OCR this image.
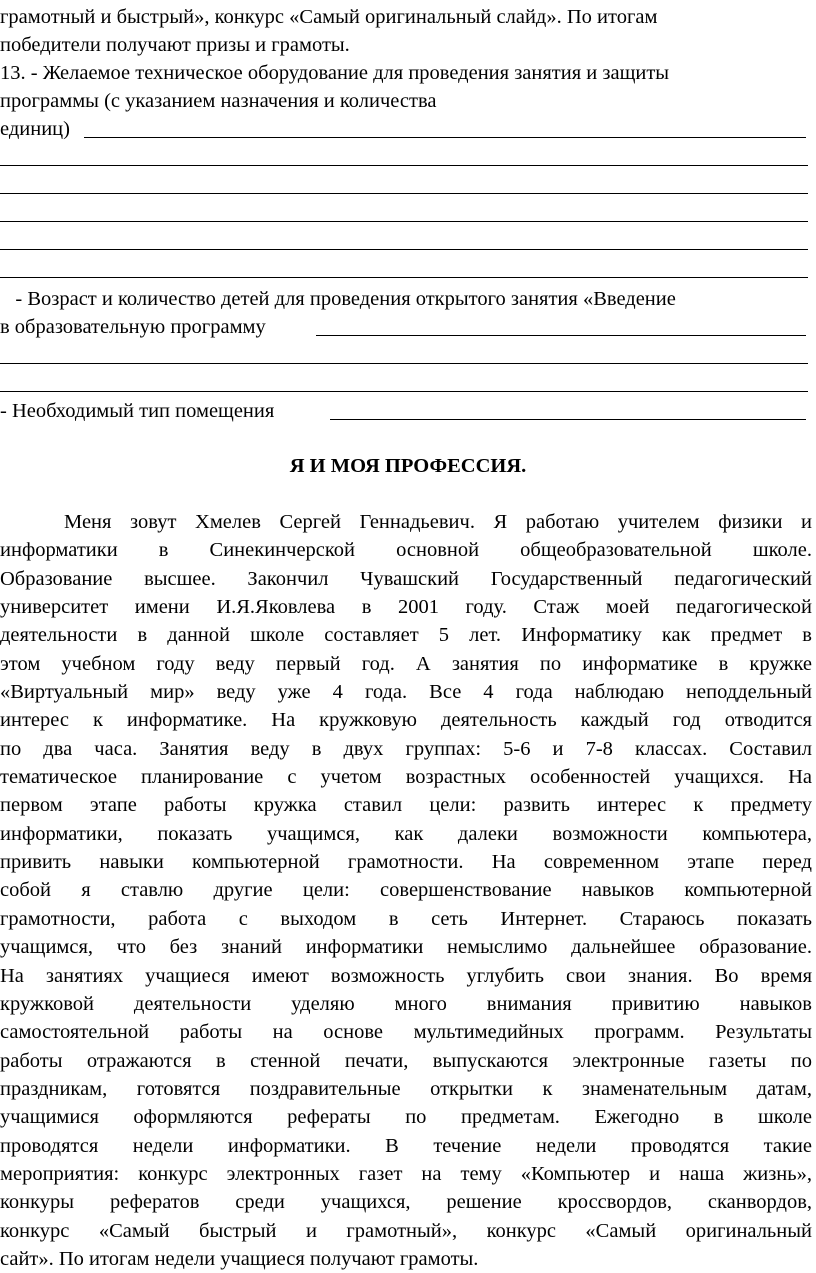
грамотный и быстрый», конкурс «Самый оригинальный слайд». По итогам
победители получают призы и грамоты.
13. - Желаемое техническое оборудование для проведения занятия и защиты
программы (с указанием назначения и количества
единиц)
- Возраст и количество детей для проведения открытого занятия «Введение
в образовательную программу
- Необходимый тип помещения
Я И МОЯ ПРОФЕССИЯ.
Меня зовут Хмелев Сергей Геннадьевич. Я работаю учителем физики и
информатики в Синекинчерской основной общеобразовательной школе.
Образование высшее. Закончил Чувашский Государственный педагогический
университет имени И.Я.Яковлева в 2001 году. Стаж моей педагогической
деятельности в данной школе составляет 5 лет. Информатику как предмет в
этом учебном году веду первый год. А занятия по информатике в кружке
«Виртуальный мир» веду уже 4 года. Все 4 года наблюдаю неподдельный
интерес к информатике. На кружковую деятельность каждый год отводится
по два часа. Занятия веду в двух группах: 5-6 и 7-8 классах. Составил
тематическое планирование с учетом возрастных особенностей учащихся. На
первом этапе работы кружка ставил цели: развить интерес к предмету
информатики, показать учащимся, как далеки возможности компьютера,
привить навыки компьютерной грамотности. На современном этапе перед
собой я ставлю другие цели: совершенствование навыков компьютерной
грамотности, работа с выходом в сеть Интернет. Стараюсь показать
учащимся, что без знаний информатики немыслимо дальнейшее образование.
На занятиях учащиеся имеют возможность углубить свои знания. Во время
кружковой деятельности уделяю много внимания привитию навыков
самостоятельной работы на основе мультимедийных программ. Результаты
работы отражаются в стенной печати, выпускаются электронные газеты по
праздникам, готовятся поздравительные открытки к знаменательным датам,
учащимися оформляются рефераты по предметам. Ежегодно в школе
проводятся недели информатики. В течение недели проводятся такие
мероприятия: конкурс электронных газет на тему «Компьютер и наша жизнь»,
конкуры рефератов среди учащихся, решение кроссвордов, сканвордов,
конкурс «Самый быстрый и грамотный», конкурс «Самый оригинальный
сайт». По итогам недели учащиеся получают грамоты.
